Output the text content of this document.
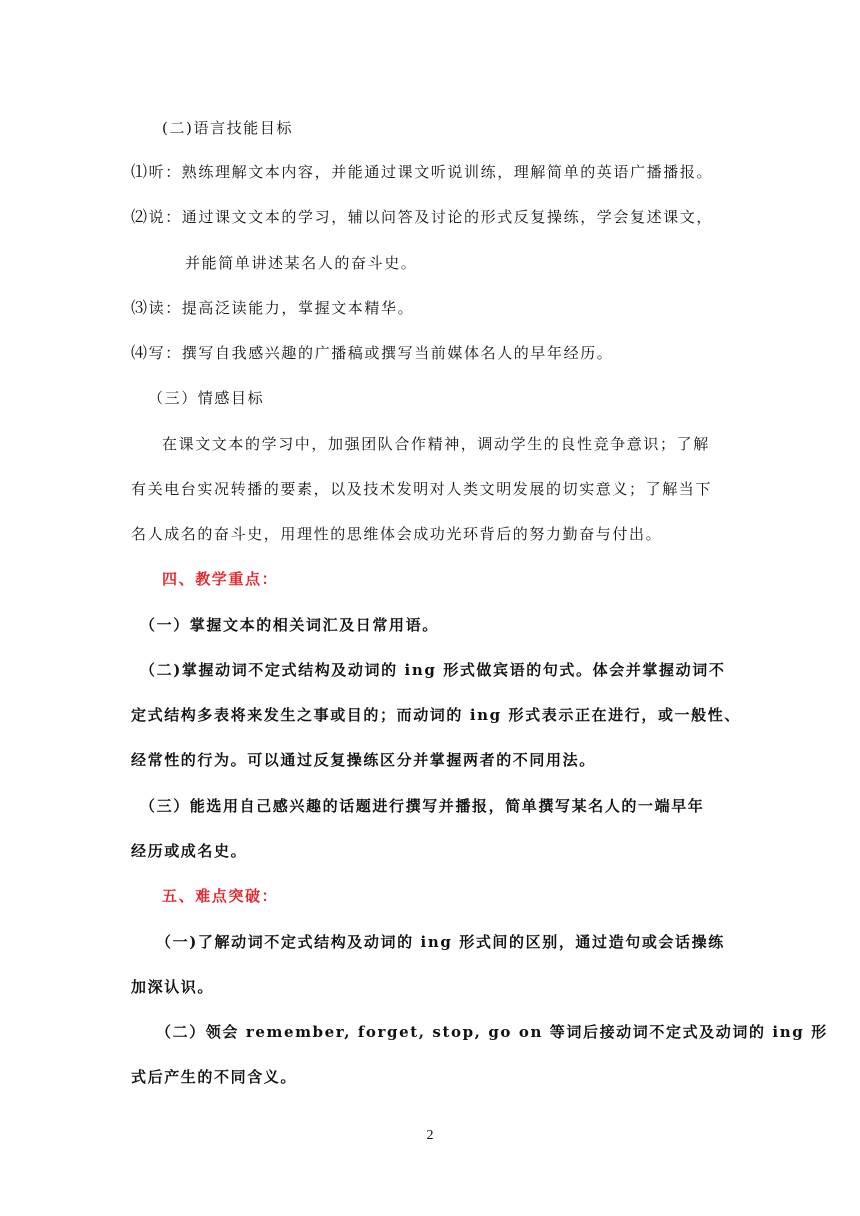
(二)语言技能目标
⑴听：熟练理解文本内容，并能通过课文听说训练，理解简单的英语广播播报。
⑵说：通过课文文本的学习，辅以问答及讨论的形式反复操练，学会复述课文，
并能简单讲述某名人的奋斗史。
⑶读：提高泛读能力，掌握文本精华。
⑷写：撰写自我感兴趣的广播稿或撰写当前媒体名人的早年经历。
（三）情感目标
在课文文本的学习中，加强团队合作精神，调动学生的良性竞争意识；了解
有关电台实况转播的要素，以及技术发明对人类文明发展的切实意义；了解当下
名人成名的奋斗史，用理性的思维体会成功光环背后的努力勤奋与付出。
四、教学重点：
（一）掌握文本的相关词汇及日常用语。
（二)掌握动词不定式结构及动词的 ing 形式做宾语的句式。体会并掌握动词不
定式结构多表将来发生之事或目的；而动词的 ing 形式表示正在进行，或一般性、
经常性的行为。可以通过反复操练区分并掌握两者的不同用法。
（三）能选用自己感兴趣的话题进行撰写并播报，简单撰写某名人的一端早年
经历或成名史。
五、难点突破：
（一)了解动词不定式结构及动词的 ing 形式间的区别，通过造句或会话操练
加深认识。
（二）领会 remember, forget, stop, go on 等词后接动词不定式及动词的 ing 形
式后产生的不同含义。
2
